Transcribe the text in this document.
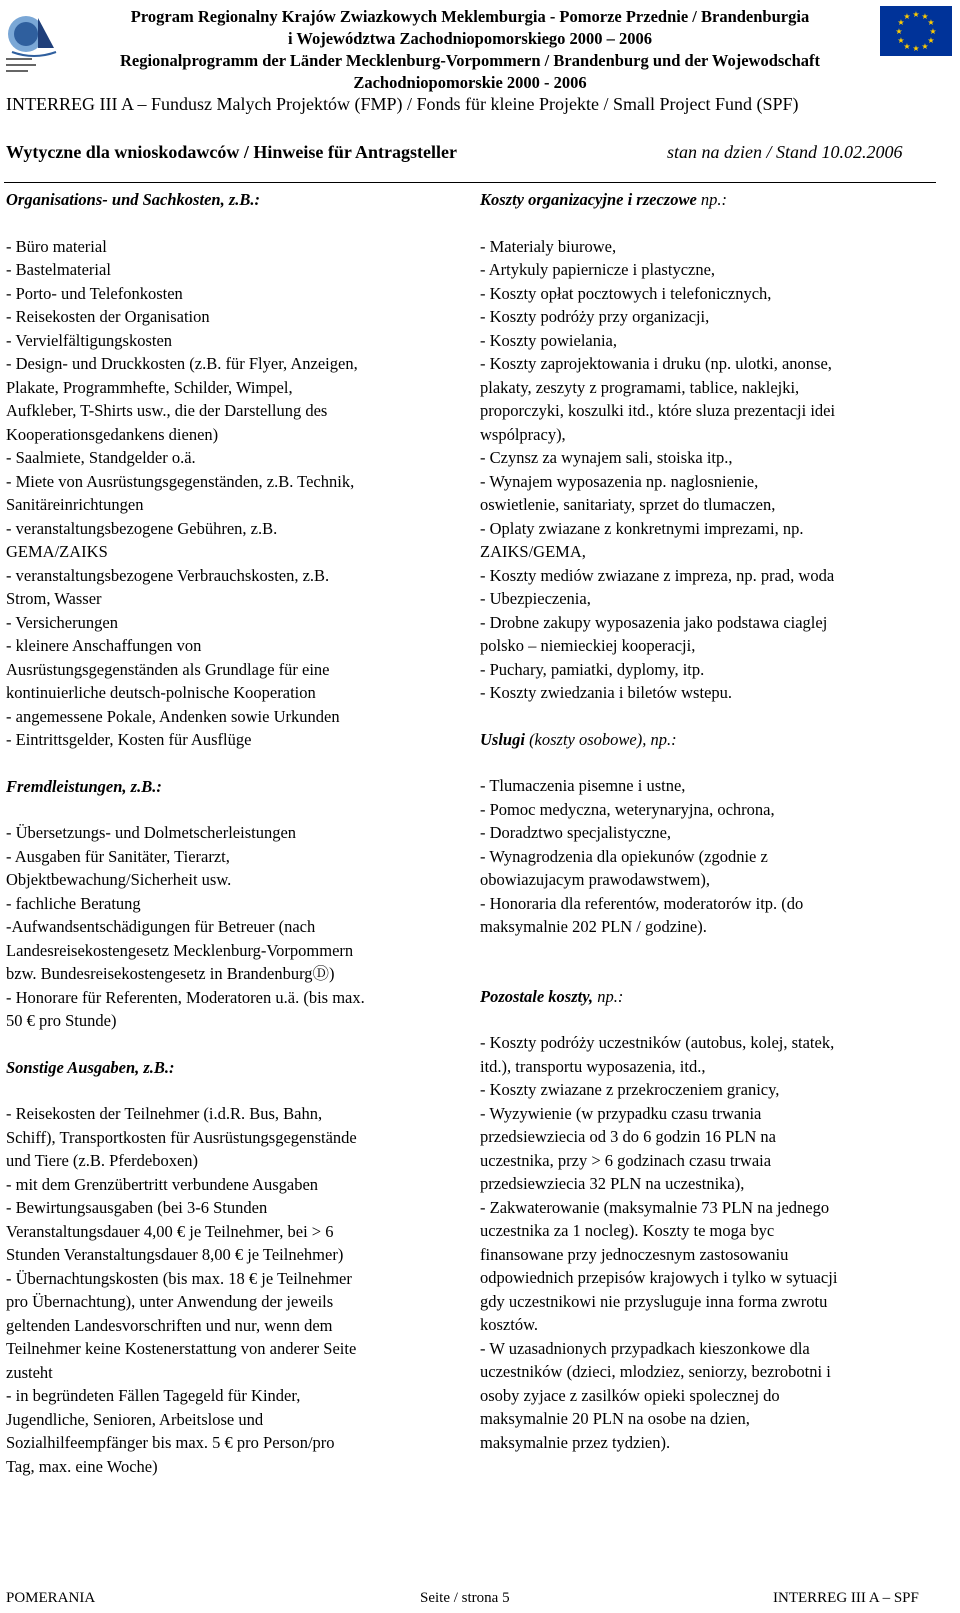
★ ★
★
★
★
★
★
★
★
★
★
★
Program Regionalny Krajów Zwiazkowych Meklemburgia - Pomorze Przednie / Brandenburgia
i Województwa Zachodniopomorskiego 2000 – 2006
Regionalprogramm der Länder Mecklenburg-Vorpommern / Brandenburg und der Wojewodschaft
Zachodniopomorskie 2000 - 2006
INTERREG III A – Fundusz Malych Projektów (FMP) / Fonds für kleine Projekte / Small Project Fund (SPF)
Wytyczne dla wnioskodawców / Hinweise für Antragsteller	stan na dzien / Stand 10.02.2006
Organisations- und Sachkosten, z.B.:
- Büro material
- Bastelmaterial
- Porto- und Telefonkosten
- Reisekosten der Organisation
- Vervielfältigungskosten
- Design- und Druckkosten (z.B. für Flyer, Anzeigen,
Plakate, Programmhefte, Schilder, Wimpel,
Aufkleber, T-Shirts usw., die der Darstellung des
Kooperationsgedankens dienen)
- Saalmiete, Standgelder o.ä.
- Miete von Ausrüstungsgegenständen, z.B. Technik,
Sanitäreinrichtungen
- veranstaltungsbezogene Gebühren, z.B.
GEMA/ZAIKS
- veranstaltungsbezogene Verbrauchskosten, z.B.
Strom, Wasser
- Versicherungen
- kleinere Anschaffungen von
Ausrüstungsgegenständen als Grundlage für eine
kontinuierliche deutsch-polnische Kooperation
- angemessene Pokale, Andenken sowie Urkunden
- Eintrittsgelder, Kosten für Ausflüge
Fremdleistungen, z.B.:
- Übersetzungs- und Dolmetscherleistungen
- Ausgaben für Sanitäter, Tierarzt,
Objektbewachung/Sicherheit usw.
- fachliche Beratung
-Aufwandsentschädigungen für Betreuer (nach
Landesreisekostengesetz Mecklenburg-Vorpommern
bzw. Bundesreisekostengesetz in BrandenburgⒹ)
- Honorare für Referenten, Moderatoren u.ä. (bis max.
50 € pro Stunde)
Sonstige Ausgaben, z.B.:
- Reisekosten der Teilnehmer (i.d.R. Bus, Bahn,
Schiff), Transportkosten für Ausrüstungsgegenstände
und Tiere (z.B. Pferdeboxen)
- mit dem Grenzübertritt verbundene Ausgaben
- Bewirtungsausgaben (bei 3-6 Stunden
Veranstaltungsdauer 4,00 € je Teilnehmer, bei > 6
Stunden Veranstaltungsdauer 8,00 € je Teilnehmer)
- Übernachtungskosten (bis max. 18 € je Teilnehmer
pro Übernachtung), unter Anwendung der jeweils
geltenden Landesvorschriften und nur, wenn dem
Teilnehmer keine Kostenerstattung von anderer Seite
zusteht
- in begründeten Fällen Tagegeld für Kinder,
Jugendliche, Senioren, Arbeitslose und
Sozialhilfeempfänger bis max. 5 € pro Person/pro
Tag, max. eine Woche)
Koszty organizacyjne i rzeczowe np.:
- Materialy biurowe,
- Artykuly papiernicze i plastyczne,
- Koszty opłat pocztowych i telefonicznych,
- Koszty podróży przy organizacji,
- Koszty powielania,
- Koszty zaprojektowania i druku (np. ulotki, anonse,
plakaty, zeszyty z programami, tablice, naklejki,
proporczyki, koszulki itd., które sluza prezentacji idei
wspólpracy),
- Czynsz za wynajem sali, stoiska itp.,
- Wynajem wyposazenia np. naglosnienie,
oswietlenie, sanitariaty, sprzet do tlumaczen,
- Oplaty zwiazane z konkretnymi imprezami, np.
ZAIKS/GEMA,
- Koszty mediów zwiazane z impreza, np. prad, woda
- Ubezpieczenia,
- Drobne zakupy wyposazenia jako podstawa ciaglej
polsko – niemieckiej kooperacji,
- Puchary, pamiatki, dyplomy, itp.
- Koszty zwiedzania i biletów wstepu.
Uslugi (koszty osobowe), np.:
- Tlumaczenia pisemne i ustne,
- Pomoc medyczna, weterynaryjna, ochrona,
- Doradztwo specjalistyczne,
- Wynagrodzenia dla opiekunów (zgodnie z
obowiazujacym prawodawstwem),
- Honoraria dla referentów, moderatorów itp. (do
maksymalnie 202 PLN / godzine).
Pozostale koszty, np.:
- Koszty podróży uczestników (autobus, kolej, statek,
itd.), transportu wyposazenia, itd.,
- Koszty zwiazane z przekroczeniem granicy,
- Wyzywienie (w przypadku czasu trwania
przedsiewziecia od 3 do 6 godzin 16 PLN na
uczestnika, przy > 6 godzinach czasu trwaia
przedsiewziecia 32 PLN na uczestnika),
- Zakwaterowanie (maksymalnie 73 PLN na jednego
uczestnika za 1 nocleg). Koszty te moga byc
finansowane przy jednoczesnym zastosowaniu
odpowiednich przepisów krajowych i tylko w sytuacji
gdy uczestnikowi nie przysluguje inna forma zwrotu
kosztów.
- W uzasadnionych przypadkach kieszonkowe dla
uczestników (dzieci, mlodziez, seniorzy, bezrobotni i
osoby zyjace z zasilków opieki spolecznej do
maksymalnie 20 PLN na osobe na dzien,
maksymalnie przez tydzien).
POMERANIA	Seite / strona 5	INTERREG III A – SPF
